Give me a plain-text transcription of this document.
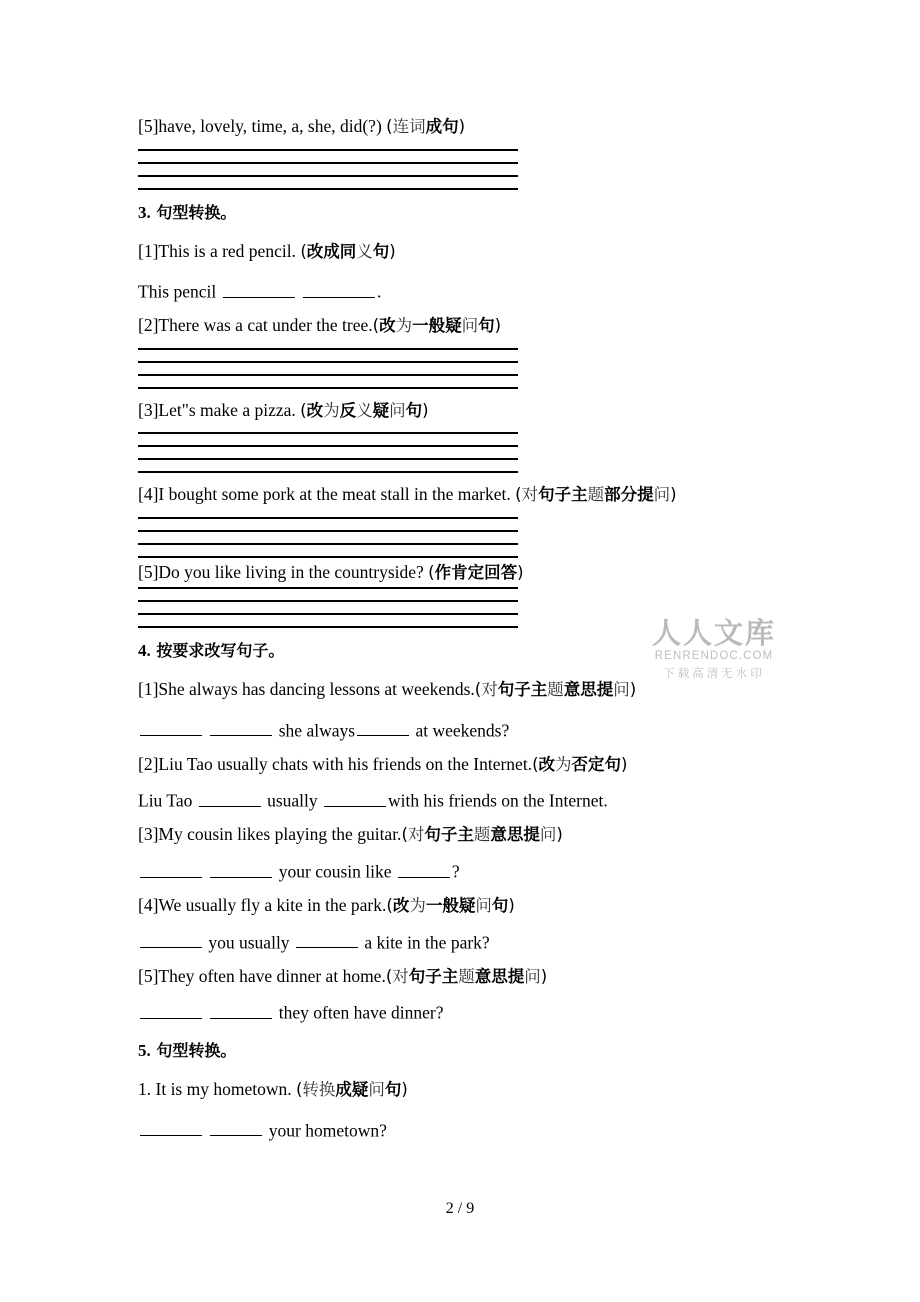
[5]have, lovely, time, a, she, did(?) (连词成句)
3. 句型转换。
[1]This is a red pencil. (改成同义句)
This pencil	.
[2]There was a cat under the tree.(改为一般疑问句)
[3]Let"s make a pizza. (改为反义疑问句)
[4]I bought some pork at the meat stall in the market. (对句子主题部分提问)
[5]Do you like living in the countryside? (作肯定回答)
4. 按要求改写句子。
[1]She always has dancing lessons at weekends.(对句子主题意思提问)
she always	at weekends?
[2]Liu Tao usually chats with his friends on the Internet.(改为否定句)
Liu Tao	usually	with his friends on the Internet.
[3]My cousin likes playing the guitar.(对句子主题意思提问)
your cousin like	?
[4]We usually fly a kite in the park.(改为一般疑问句)
you usually	a kite in the park?
[5]They often have dinner at home.(对句子主题意思提问)
they often have dinner?
5. 句型转换。
1. It is my hometown. (转换成疑问句)
your hometown?
人人文库
RENRENDOC.COM
下载高清无水印
2 / 9
